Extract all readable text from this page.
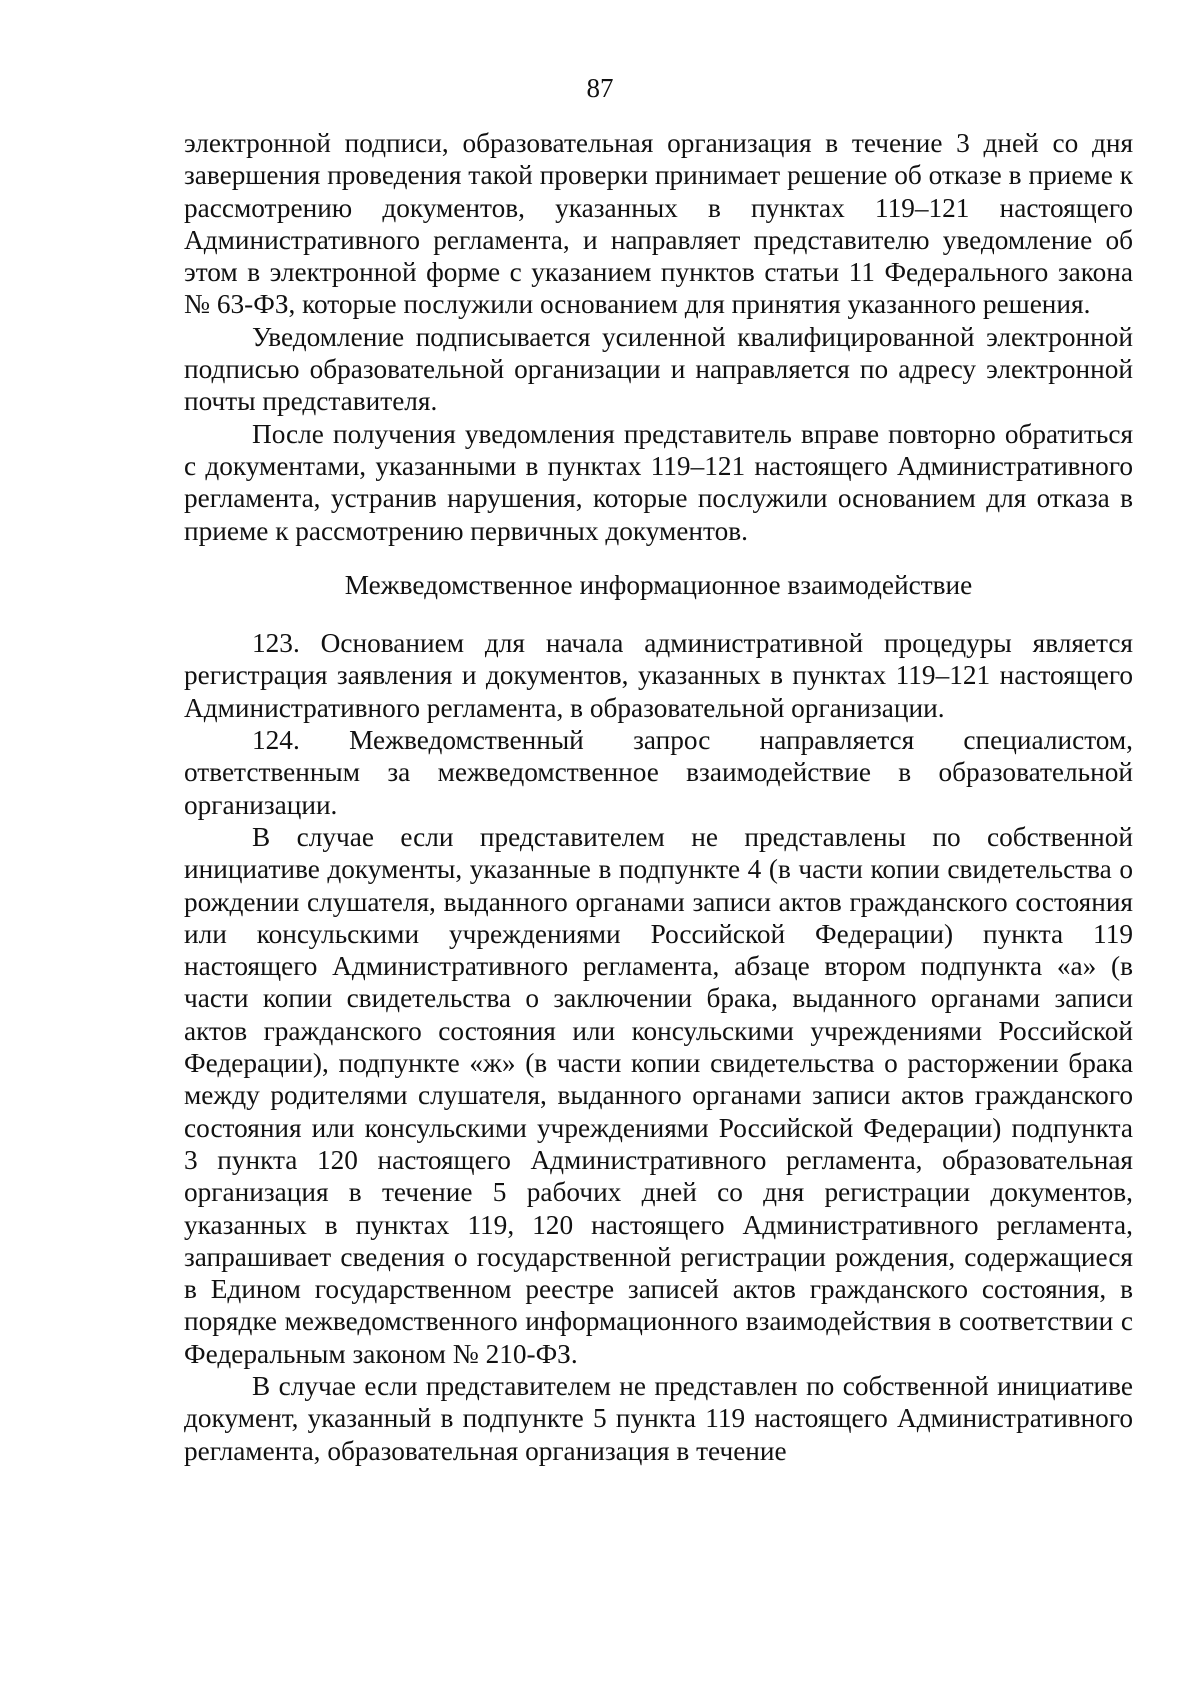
87

электронной подписи, образовательная организация в течение 3 дней со дня завершения проведения такой проверки принимает решение об отказе в приеме к рассмотрению документов, указанных в пунктах 119–121 настоящего Административного регламента, и направляет представителю уведомление об этом в электронной форме с указанием пунктов статьи 11 Федерального закона № 63-ФЗ, которые послужили основанием для принятия указанного решения.

Уведомление подписывается усиленной квалифицированной электронной подписью образовательной организации и направляется по адресу электронной почты представителя.

После получения уведомления представитель вправе повторно обратиться с документами, указанными в пунктах 119–121 настоящего Административного регламента, устранив нарушения, которые послужили основанием для отказа в приеме к рассмотрению первичных документов.

Межведомственное информационное взаимодействие

123. Основанием для начала административной процедуры является регистрация заявления и документов, указанных в пунктах 119–121 настоящего Административного регламента, в образовательной организации.

124. Межведомственный запрос направляется специалистом, ответственным за межведомственное взаимодействие в образовательной организации.

В случае если представителем не представлены по собственной инициативе документы, указанные в подпункте 4 (в части копии свидетельства о рождении слушателя, выданного органами записи актов гражданского состояния или консульскими учреждениями Российской Федерации) пункта 119 настоящего Административного регламента, абзаце втором подпункта «а» (в части копии свидетельства о заключении брака, выданного органами записи актов гражданского состояния или консульскими учреждениями Российской Федерации), подпункте «ж» (в части копии свидетельства о расторжении брака между родителями слушателя, выданного органами записи актов гражданского состояния или консульскими учреждениями Российской Федерации) подпункта 3 пункта 120 настоящего Административного регламента, образовательная организация в течение 5 рабочих дней со дня регистрации документов, указанных в пунктах 119, 120 настоящего Административного регламента, запрашивает сведения о государственной регистрации рождения, содержащиеся в Едином государственном реестре записей актов гражданского состояния, в порядке межведомственного информационного взаимодействия в соответствии с Федеральным законом № 210-ФЗ.

В случае если представителем не представлен по собственной инициативе документ, указанный в подпункте 5 пункта 119 настоящего Административного регламента, образовательная организация в течение
